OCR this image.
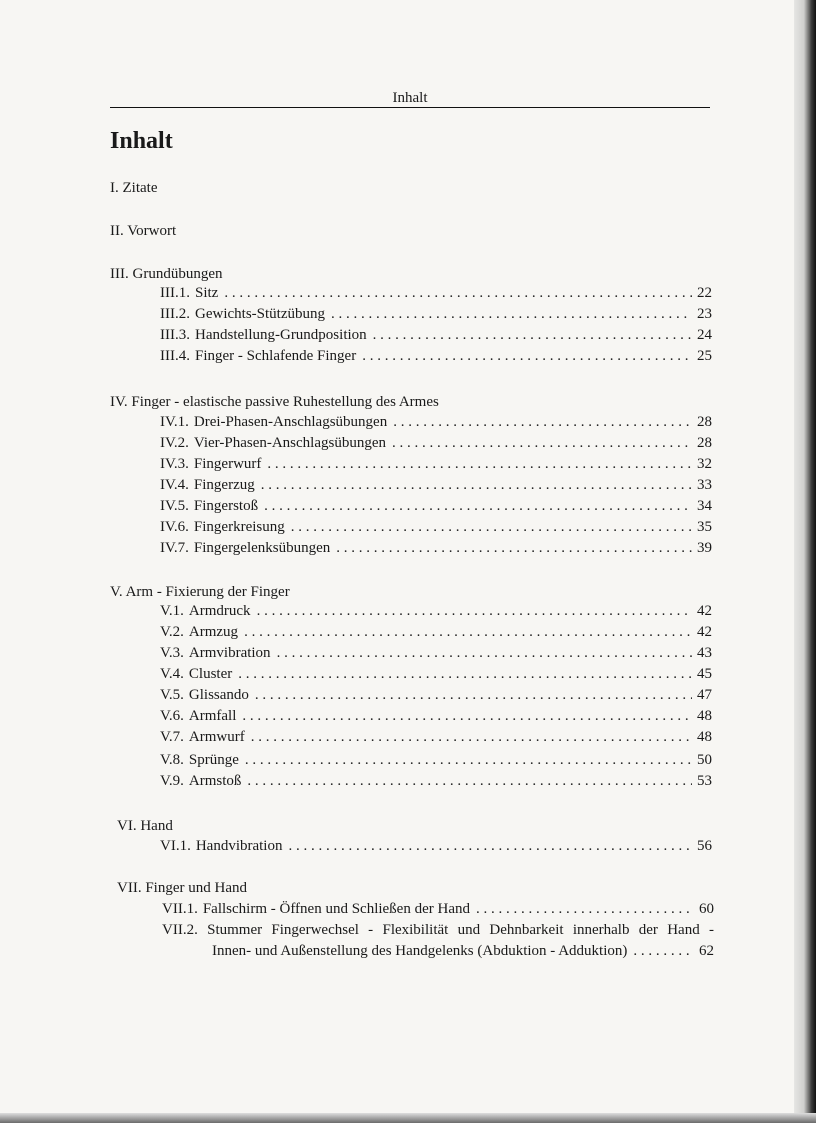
Inhalt
Inhalt
I. Zitate
II. Vorwort
III. Grundübungen
III.1. Sitz . . .	22
III.2. Gewichts-Stützübung . . .	23
III.3. Handstellung-Grundposition . . .	24
III.4. Finger - Schlafende Finger . . .	25
IV. Finger - elastische passive Ruhestellung des Armes
IV.1. Drei-Phasen-Anschlagsübungen . . .	28
IV.2. Vier-Phasen-Anschlagsübungen . . .	28
IV.3. Fingerwurf . . .	32
IV.4. Fingerzug . . .	33
IV.5. Fingerstoß . . .	34
IV.6. Fingerkreisung . . .	35
IV.7. Fingergelenksübungen . . .	39
V. Arm - Fixierung der Finger
V.1. Armdruck . . .	42
V.2. Armzug . . .	42
V.3. Armvibration . . .	43
V.4. Cluster . . .	45
V.5. Glissando . . .	47
V.6. Armfall . . .	48
V.7. Armwurf . . .	48
V.8. Sprünge . . .	50
V.9. Armstoß . . .	53
VI. Hand
VI.1. Handvibration . . .	56
VII. Finger und Hand
VII.1. Fallschirm - Öffnen und Schließen der Hand . . .	60
VII.2. Stummer Fingerwechsel - Flexibilität und Dehnbarkeit innerhalb der Hand -
Innen- und Außenstellung des Handgelenks (Abduktion - Adduktion) . . .	62
